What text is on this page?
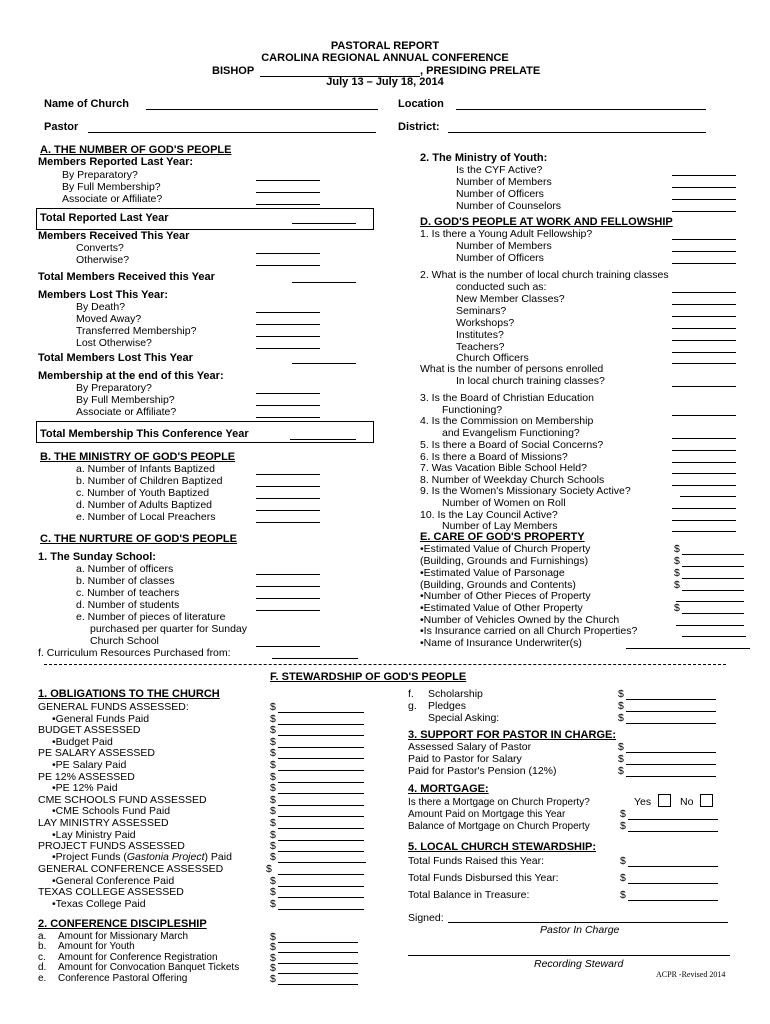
PASTORAL REPORT
CAROLINA REGIONAL ANNUAL CONFERENCE
BISHOP	, PRESIDING PRELATE
July 13 – July 18, 2014
Name of Church	Location
Pastor	District:
A. THE NUMBER OF GOD'S PEOPLE
Members Reported Last Year:
By Preparatory?
By Full Membership?
Associate or Affiliate?
Total Reported Last Year
Members Received This Year
Converts?
Otherwise?
Total Members Received this Year
Members Lost This Year:
By Death?
Moved Away?
Transferred Membership?
Lost Otherwise?
Total Members Lost This Year
Membership at the end of this Year:
By Preparatory?
By Full Membership?
Associate or Affiliate?
Total Membership This Conference Year
B. THE MINISTRY OF GOD'S PEOPLE
a. Number of Infants Baptized
b. Number of Children Baptized
c. Number of Youth Baptized
d. Number of Adults Baptized
e. Number of Local Preachers
C. THE NURTURE OF GOD'S PEOPLE
1. The Sunday School:
a. Number of officers
b. Number of classes
c. Number of teachers
d. Number of students
e. Number of pieces of literature
purchased per quarter for Sunday
Church School
f. Curriculum Resources Purchased from:
2. The Ministry of Youth:
Is the CYF Active?
Number of Members
Number of Officers
Number of Counselors
D. GOD'S PEOPLE AT WORK AND FELLOWSHIP
1. Is there a Young Adult Fellowship?
Number of Members
Number of Officers
2. What is the number of local church training classes
conducted such as:
New Member Classes?
Seminars?
Workshops?
Institutes?
Teachers?
Church Officers
What is the number of persons enrolled
In local church training classes?
3. Is the Board of Christian Education
Functioning?
4. Is the Commission on Membership
and Evangelism Functioning?
5. Is there a Board of Social Concerns?
6. Is there a Board of Missions?
7. Was Vacation Bible School Held?
8. Number of Weekday Church Schools
9. Is the Women's Missionary Society Active?
Number of Women on Roll
10. Is the Lay Council Active?
Number of Lay Members
E. CARE OF GOD'S PROPERTY
•Estimated Value of Church Property	$
(Building, Grounds and Furnishings)	$
•Estimated Value of Parsonage	$
(Building, Grounds and Contents)	$
•Number of Other Pieces of Property
•Estimated Value of Other Property	$
•Number of Vehicles Owned by the Church
•Is Insurance carried on all Church Properties?
•Name of Insurance Underwriter(s)
F. STEWARDSHIP OF GOD'S PEOPLE
1. OBLIGATIONS TO THE CHURCH
GENERAL FUNDS ASSESSED:	$
•General Funds Paid	$
BUDGET ASSESSED	$
•Budget Paid	$
PE SALARY ASSESSED	$
•PE Salary Paid	$
PE 12% ASSESSED	$
•PE 12% Paid	$
CME SCHOOLS FUND ASSESSED	$
•CME Schools Fund Paid	$
LAY MINISTRY ASSESSED	$
•Lay Ministry Paid	$
PROJECT FUNDS ASSESSED	$
•Project Funds (Gastonia Project) Paid	$
GENERAL CONFERENCE ASSESSED	$
•General Conference Paid	$
TEXAS COLLEGE ASSESSED	$
•Texas College Paid	$
2. CONFERENCE DISCIPLESHIP
a. Amount for Missionary March	$
b. Amount for Youth	$
c. Amount for Conference Registration	$
d. Amount for Convocation Banquet Tickets	$
e. Conference Pastoral Offering	$
f. Scholarship	$
g. Pledges	$
Special Asking:	$
3. SUPPORT FOR PASTOR IN CHARGE:
Assessed Salary of Pastor	$
Paid to Pastor for Salary	$
Paid for Pastor's Pension (12%)	$
4. MORTGAGE:
Is there a Mortgage on Church Property?	Yes	No
Amount Paid on Mortgage this Year	$
Balance of Mortgage on Church Property	$
5. LOCAL CHURCH STEWARDSHIP:
Total Funds Raised this Year:	$
Total Funds Disbursed this Year:	$
Total Balance in Treasure:	$
Signed:
Pastor In Charge
Recording Steward
ACPR -Revised 2014
